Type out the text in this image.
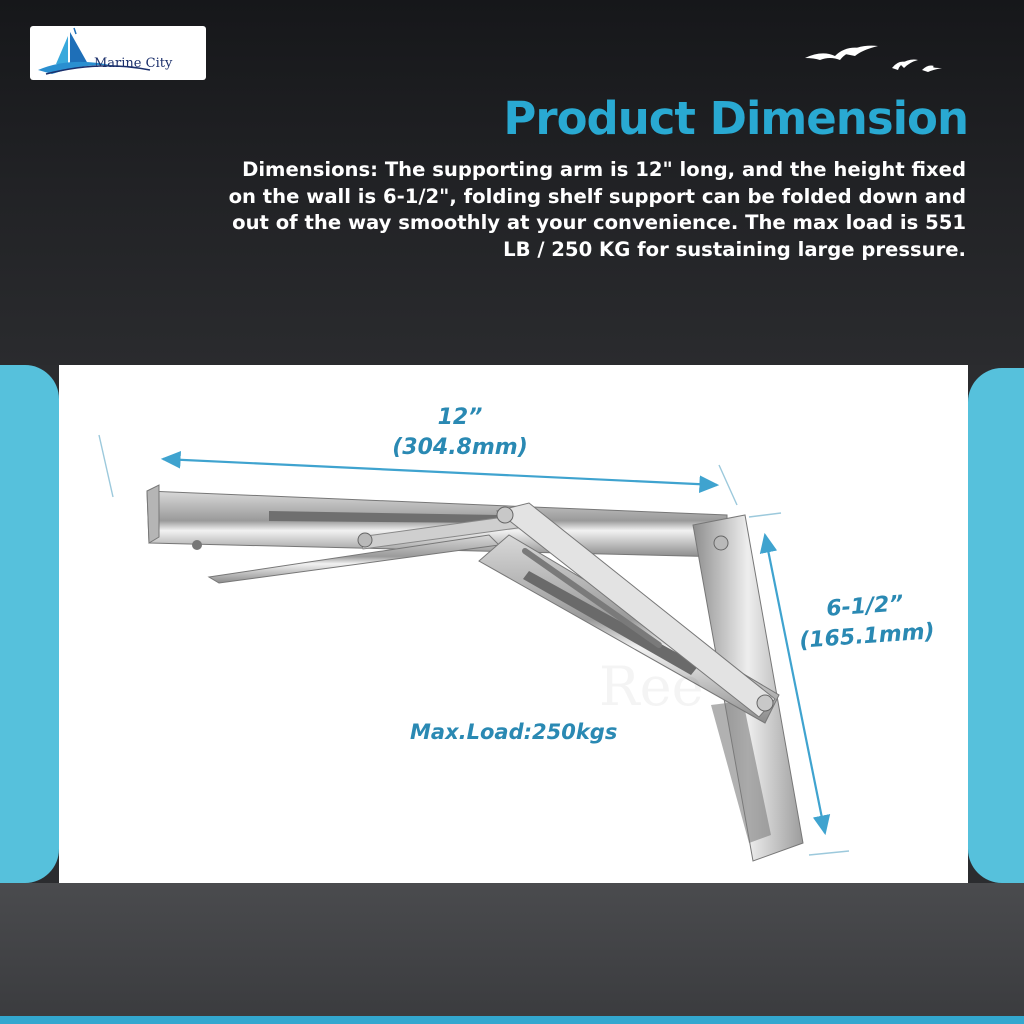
Marine City
Product Dimension
Dimensions: The supporting arm is 12" long, and the height fixed
on the wall is 6-1/2", folding shelf support can be folded down and
out of the way smoothly at your convenience. The max load is 551
LB / 250 KG for sustaining large pressure.
12”
(304.8mm)
6-1/2”
(165.1mm)
Max.Load:250kgs
